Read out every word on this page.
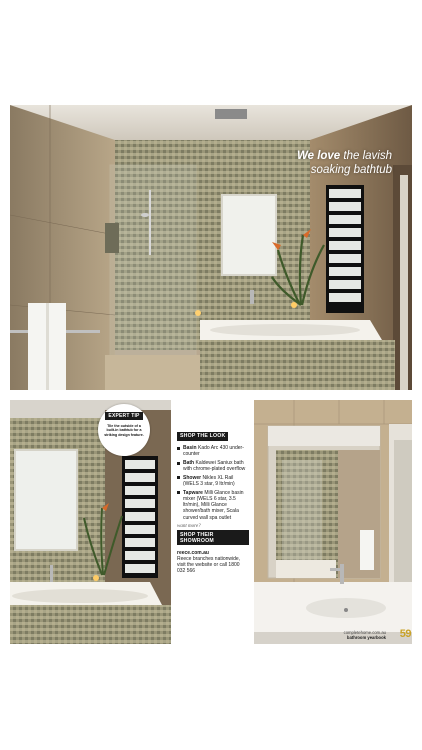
We love the lavish
soaking bathtub
EXPERT TIP
Tile the outside of a built-in bathtub for a striking design feature.	SHOP THE LOOK
Basin Kado Arc 430 under-counter
Bath Kaldewei Saniux bath with chrome-plated overflow
Shower Nikles XL Rail (WELS 3 star, 9 ltr/min)
Tapware Milli Glance basin mixer (WELS 6 star, 3.5 ltr/min), Milli Glance shower/bath mixer, Scala curved wall spa outlet
want more?
SHOP THEIR SHOWROOM
reece.com.au
Reece branches nationwide, visit the website or call 1800 032 566
completehome.com.au
bathroom yearbook 59
